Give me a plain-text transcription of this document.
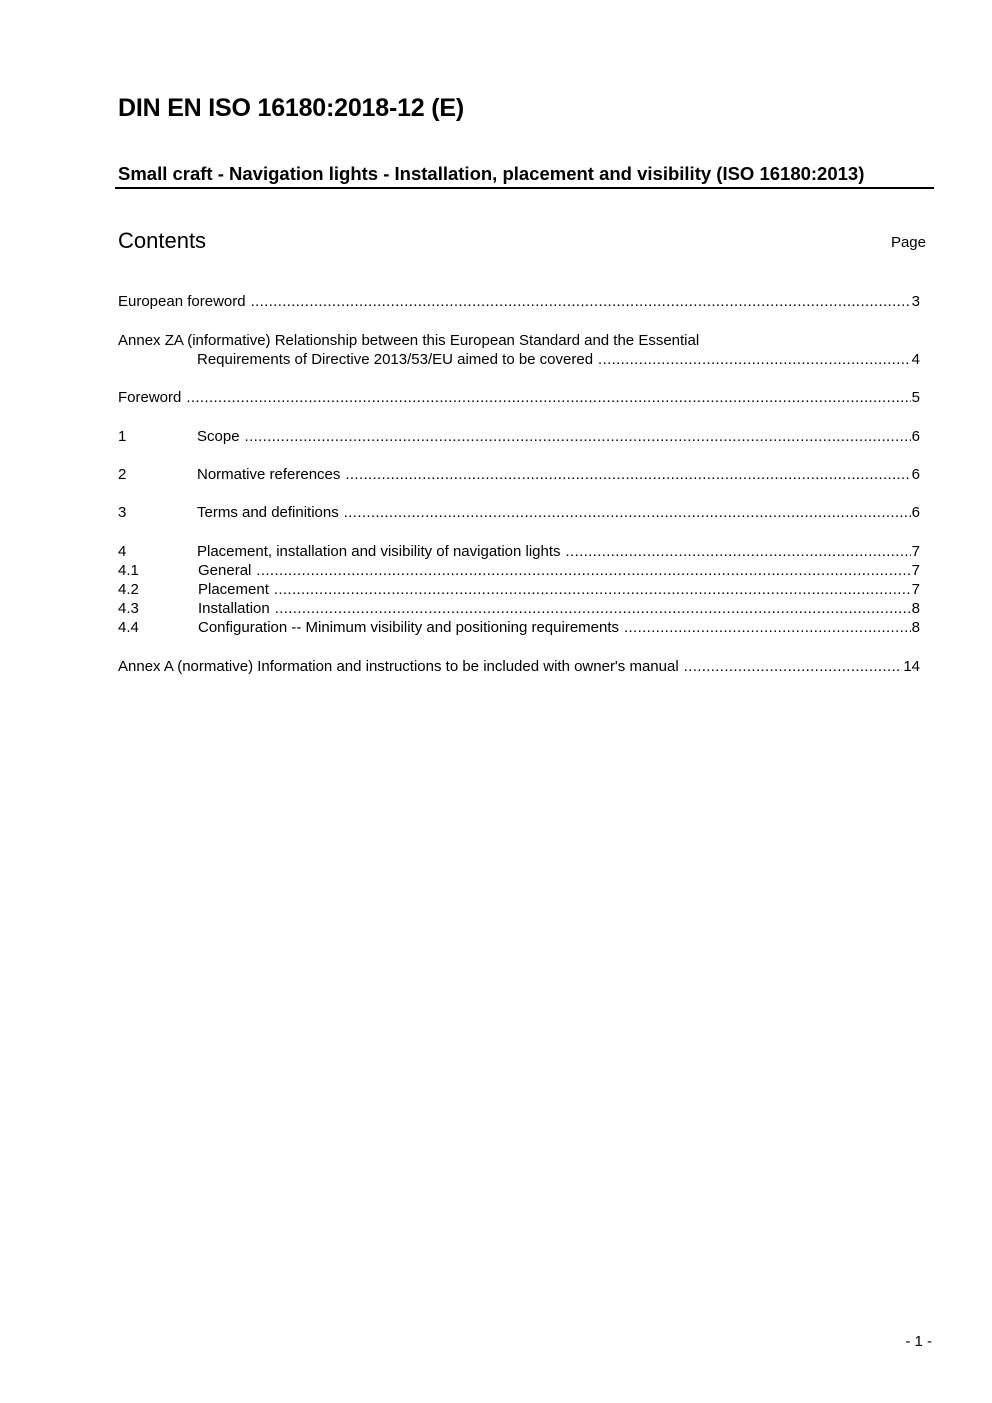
DIN EN ISO 16180:2018-12 (E)
Small craft - Navigation lights - Installation, placement and visibility (ISO 16180:2013)
Contents	Page
European foreword .....	3
Annex ZA (informative) Relationship between this European Standard and the Essential
Requirements of Directive 2013/53/EU aimed to be covered .....	4
Foreword .....	5
1	Scope .....	6
2	Normative references .....	6
3	Terms and definitions .....	6
4	Placement, installation and visibility of navigation lights .....	7
4.1	General .....	7
4.2	Placement .....	7
4.3	Installation .....	8
4.4	Configuration -- Minimum visibility and positioning requirements .....	8
Annex A (normative) Information and instructions to be included with owner's manual .....	14
- 1 -
